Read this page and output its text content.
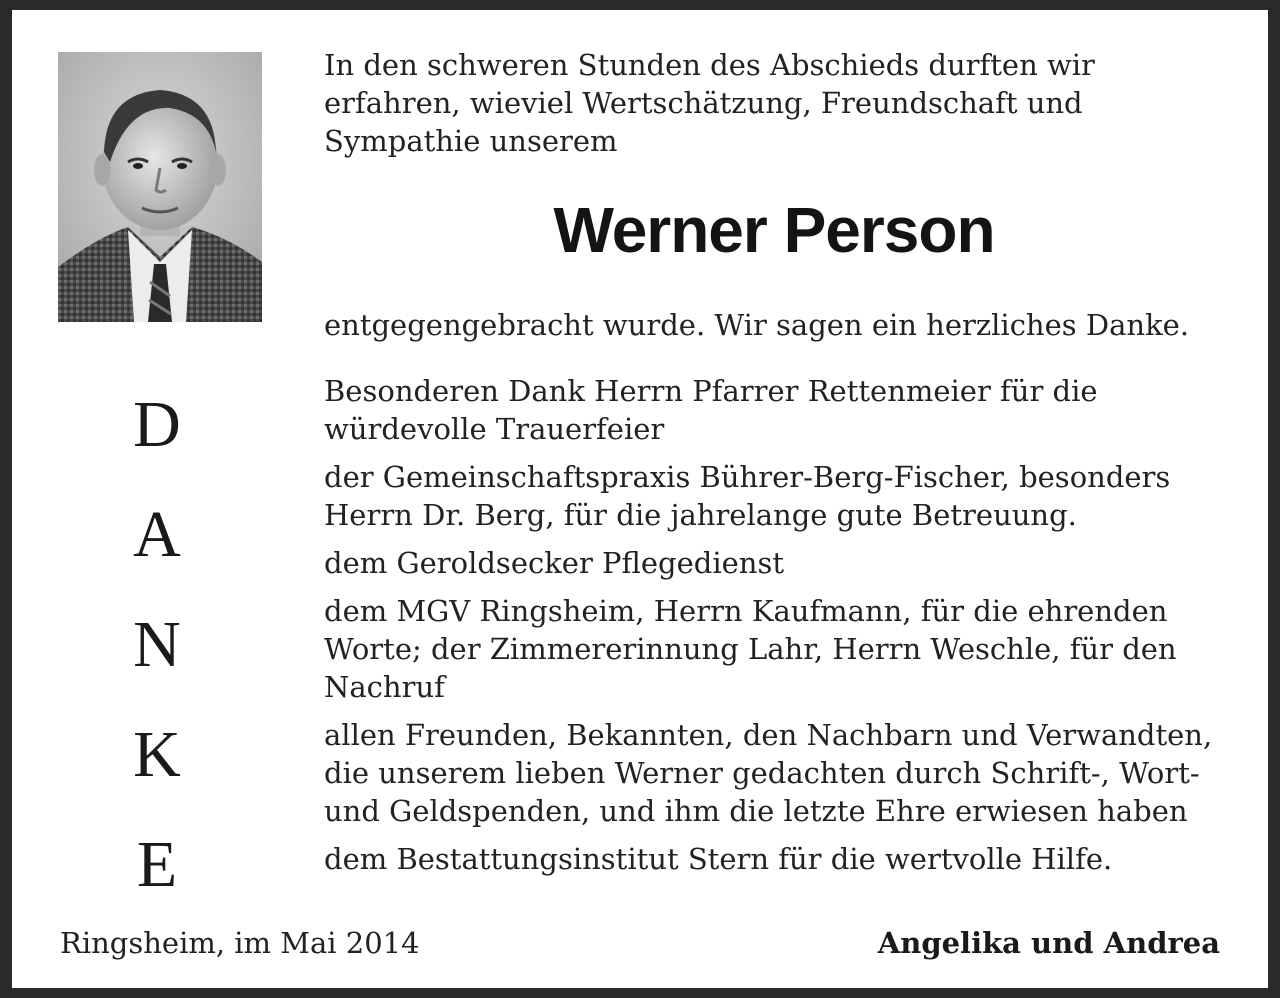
D
A
N
K
E
In den schweren Stunden des Abschieds durften wir erfahren, wieviel Wertschätzung, Freundschaft und Sympathie unserem
Werner Person
entgegengebracht wurde. Wir sagen ein herzliches Danke.
Besonderen Dank Herrn Pfarrer Rettenmeier für die würdevolle Trauerfeier
der Gemeinschaftspraxis Bührer-Berg-Fischer, besonders Herrn Dr. Berg, für die jahrelange gute Betreuung.
dem Geroldsecker Pflegedienst
dem MGV Ringsheim, Herrn Kaufmann, für die ehrenden Worte; der Zimmererinnung Lahr, Herrn Weschle, für den Nachruf
allen Freunden, Bekannten, den Nachbarn und Verwandten, die unserem lieben Werner gedachten durch Schrift-, Wort- und Geldspenden, und ihm die letzte Ehre erwiesen haben
dem Bestattungsinstitut Stern für die wertvolle Hilfe.
Ringsheim, im Mai 2014	Angelika und Andrea
